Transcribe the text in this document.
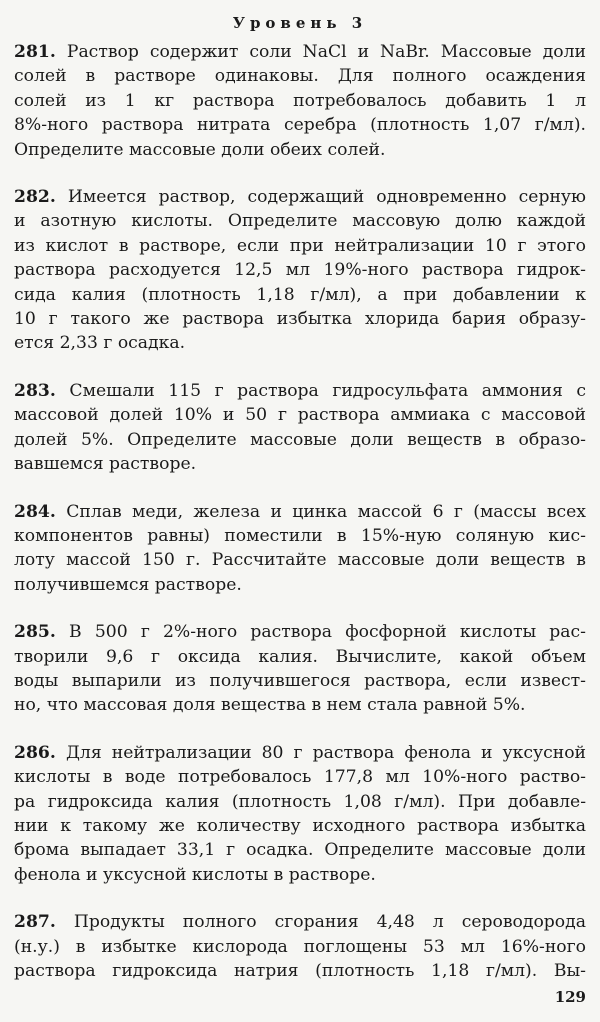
Уровень 3
281. Раствор содержит соли NaCl и NaBr. Массовые доли
солей в растворе одинаковы. Для полного осаждения
солей из 1 кг раствора потребовалось добавить 1 л
8%-ного раствора нитрата серебра (плотность 1,07 г/мл).
Определите массовые доли обеих солей.
282. Имеется раствор, содержащий одновременно серную
и азотную кислоты. Определите массовую долю каждой
из кислот в растворе, если при нейтрализации 10 г этого
раствора расходуется 12,5 мл 19%-ного раствора гидрок-
сида калия (плотность 1,18 г/мл), а при добавлении к
10 г такого же раствора избытка хлорида бария образу-
ется 2,33 г осадка.
283. Смешали 115 г раствора гидросульфата аммония с
массовой долей 10% и 50 г раствора аммиака с массовой
долей 5%. Определите массовые доли веществ в образо-
вавшемся растворе.
284. Сплав меди, железа и цинка массой 6 г (массы всех
компонентов равны) поместили в 15%-ную соляную кис-
лоту массой 150 г. Рассчитайте массовые доли веществ в
получившемся растворе.
285. В 500 г 2%-ного раствора фосфорной кислоты рас-
творили 9,6 г оксида калия. Вычислите, какой объем
воды выпарили из получившегося раствора, если извест-
но, что массовая доля вещества в нем стала равной 5%.
286. Для нейтрализации 80 г раствора фенола и уксусной
кислоты в воде потребовалось 177,8 мл 10%-ного раство-
ра гидроксида калия (плотность 1,08 г/мл). При добавле-
нии к такому же количеству исходного раствора избытка
брома выпадает 33,1 г осадка. Определите массовые доли
фенола и уксусной кислоты в растворе.
287. Продукты полного сгорания 4,48 л сероводорода
(н.у.) в избытке кислорода поглощены 53 мл 16%-ного
раствора гидроксида натрия (плотность 1,18 г/мл). Вы-
129
